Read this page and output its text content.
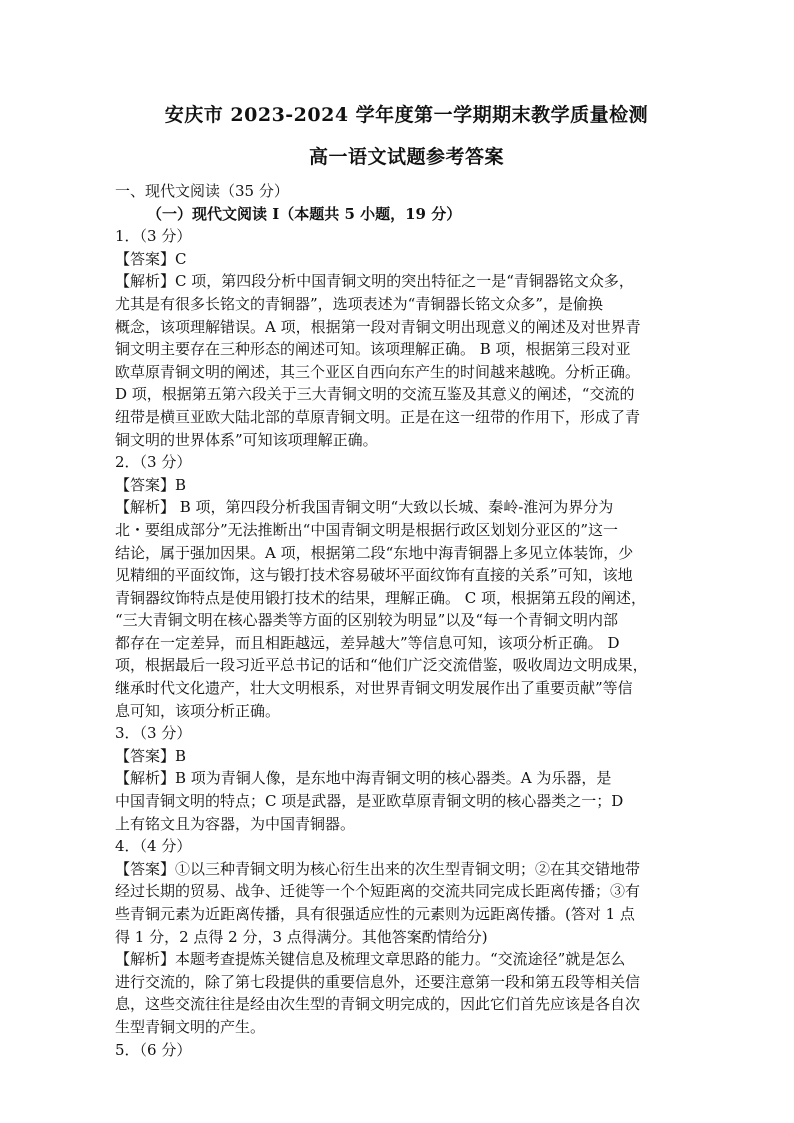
安庆市 2023-2024 学年度第一学期期末教学质量检测
高一语文试题参考答案

一、现代文阅读（35 分）

（一）现代文阅读 I（本题共 5 小题，19 分）

1．（3 分）

【答案】C

【解析】C 项，第四段分析中国青铜文明的突出特征之一是“青铜器铭文众多，

尤其是有很多长铭文的青铜器”，选项表述为“青铜器长铭文众多”，是偷换

概念，该项理解错误。A 项，根据第一段对青铜文明出现意义的阐述及对世界青

铜文明主要存在三种形态的阐述可知。该项理解正确。 B 项，根据第三段对亚

欧草原青铜文明的阐述，其三个亚区自西向东产生的时间越来越晚。分析正确。

D 项，根据第五第六段关于三大青铜文明的交流互鉴及其意义的阐述，“交流的

纽带是横亘亚欧大陆北部的草原青铜文明。正是在这一纽带的作用下，形成了青

铜文明的世界体系”可知该项理解正确。

2．（3 分）

【答案】B

【解析】 B 项，第四段分析我国青铜文明“大致以长城、秦岭-淮河为界分为

北・要组成部分”无法推断出“中国青铜文明是根据行政区划划分亚区的”这一

结论，属于强加因果。A 项，根据第二段“东地中海青铜器上多见立体装饰，少

见精细的平面纹饰，这与锻打技术容易破坏平面纹饰有直接的关系”可知，该地

青铜器纹饰特点是使用锻打技术的结果，理解正确。 C 项，根据第五段的阐述，

“三大青铜文明在核心器类等方面的区别较为明显”以及“每一个青铜文明内部

都存在一定差异，而且相距越远，差异越大”等信息可知，该项分析正确。 D

项，根据最后一段习近平总书记的话和“他们广泛交流借鉴，吸收周边文明成果，

继承时代文化遗产，壮大文明根系，对世界青铜文明发展作出了重要贡献”等信

息可知，该项分析正确。

3．（3 分）

【答案】B

【解析】B 项为青铜人像，是东地中海青铜文明的核心器类。A 为乐器，是

中国青铜文明的特点；C 项是武器，是亚欧草原青铜文明的核心器类之一；D

上有铭文且为容器，为中国青铜器。

4．（4 分）

【答案】①以三种青铜文明为核心衍生出来的次生型青铜文明；②在其交错地带

经过长期的贸易、战争、迁徙等一个个短距离的交流共同完成长距离传播；③有

些青铜元素为近距离传播，具有很强适应性的元素则为远距离传播。(答对 1 点

得 1 分，2 点得 2 分，3 点得满分。其他答案酌情给分)

【解析】本题考查提炼关键信息及梳理文章思路的能力。“交流途径”就是怎么

进行交流的，除了第七段提供的重要信息外，还要注意第一段和第五段等相关信

息，这些交流往往是经由次生型的青铜文明完成的，因此它们首先应该是各自次

生型青铜文明的产生。

5．（6 分）
